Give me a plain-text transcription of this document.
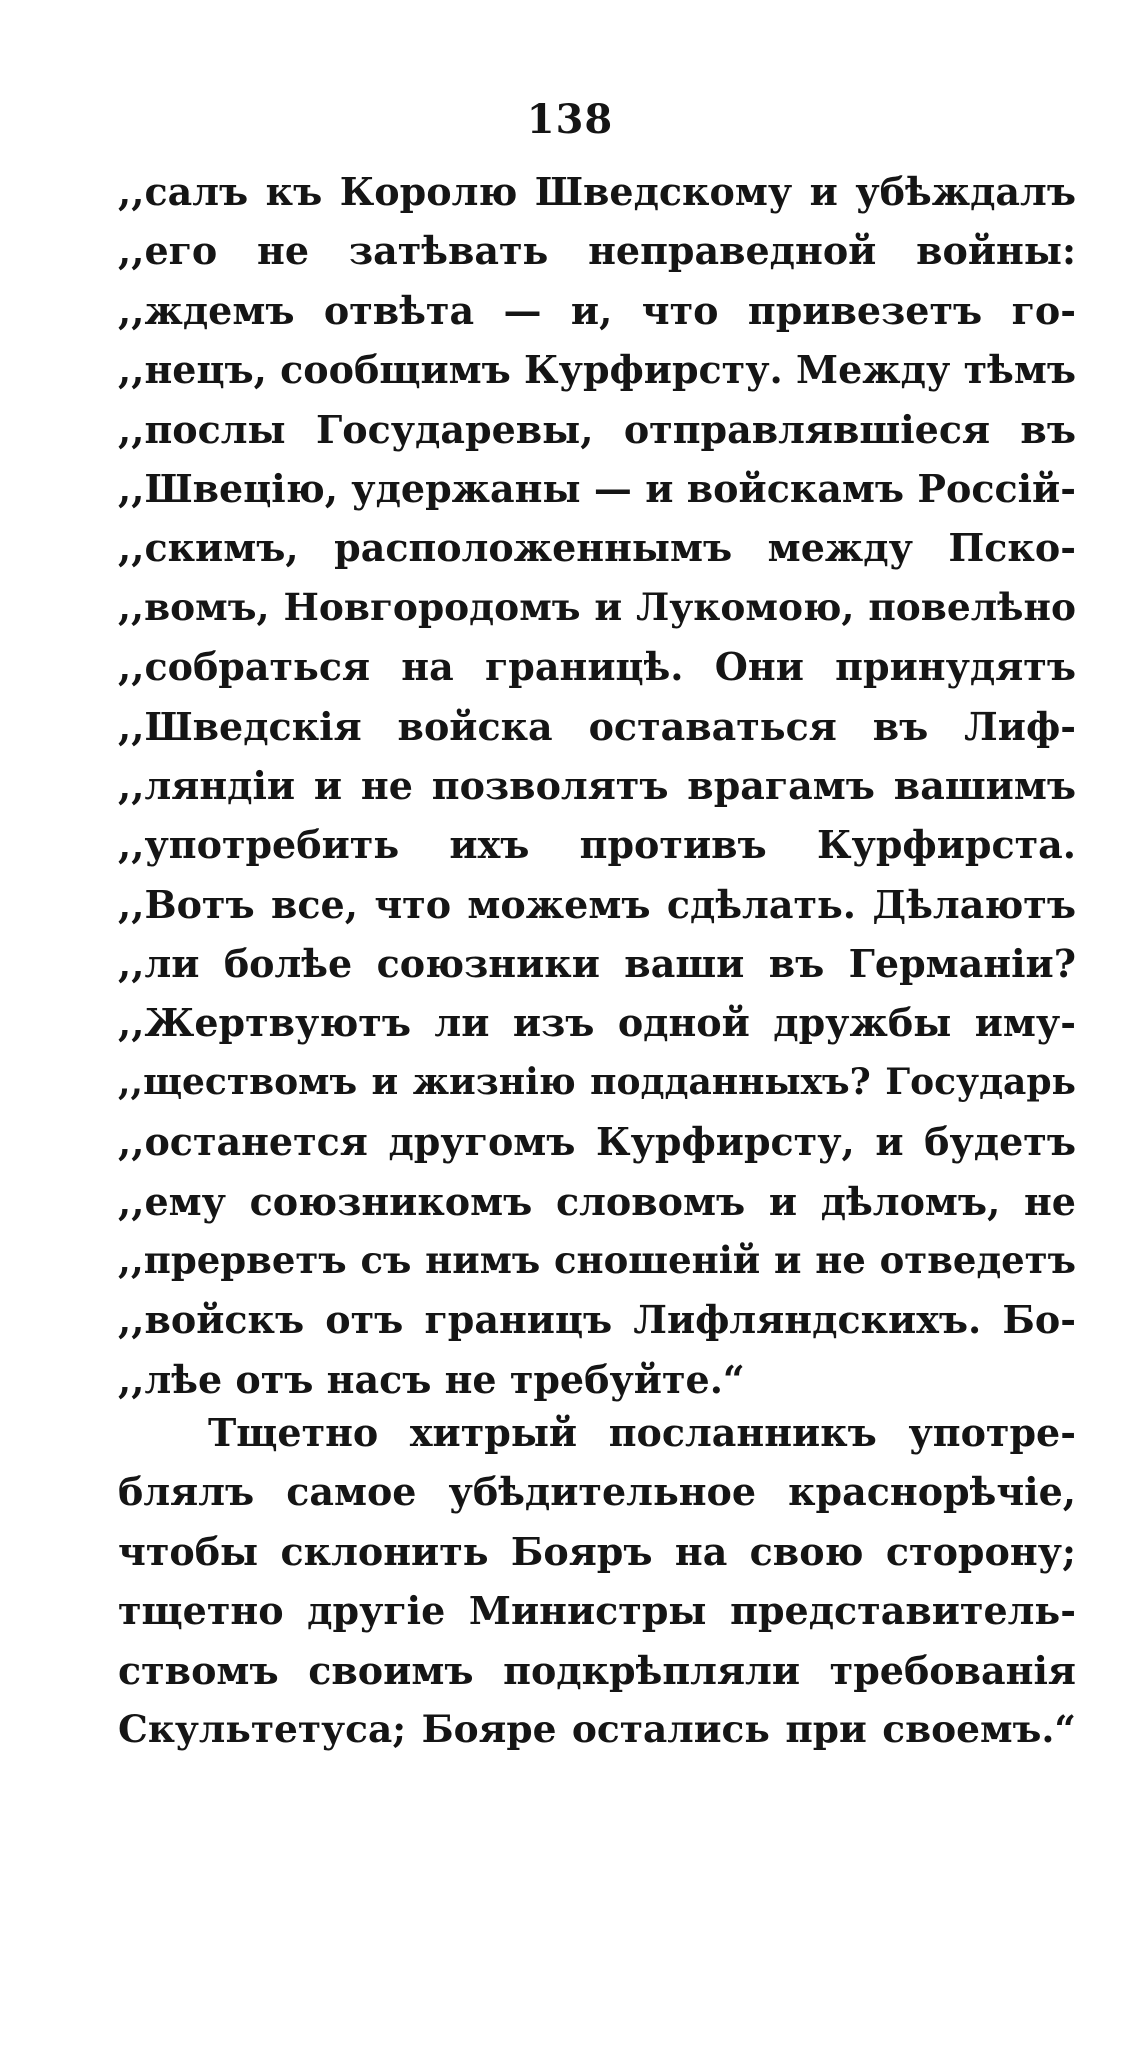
138
,,салъ къ Королю Шведскому и убѣждалъ
,,его не затѣвать неправедной войны:
,,ждемъ отвѣта — и, что привезетъ го-
,,нецъ, сообщимъ Курфирсту. Между тѣмъ
,,послы Государевы, отправлявшіеся въ
,,Швецію, удержаны — и войскамъ Россій-
,,скимъ, расположеннымъ между Пско-
,,вомъ, Новгородомъ и Лукомою, повелѣно
,,собраться на границѣ. Они принудятъ
,,Шведскія войска оставаться въ Лиф-
,,ляндіи и не позволятъ врагамъ вашимъ
,,употребить ихъ противъ Курфирста.
,,Вотъ все, что можемъ сдѣлать. Дѣлаютъ
,,ли болѣе союзники ваши въ Германіи?
,,Жертвуютъ ли изъ одной дружбы иму-
,,ществомъ и жизнію подданныхъ? Государь
,,останется другомъ Курфирсту, и будетъ
,,ему союзникомъ словомъ и дѣломъ, не
,,прерветъ съ нимъ сношеній и не отведетъ
,,войскъ отъ границъ Лифляндскихъ. Бо-
,,лѣе отъ насъ не требуйте.“
Тщетно хитрый посланникъ употре-
блялъ самое убѣдительное краснорѣчіе,
чтобы склонить Бояръ на свою сторону;
тщетно другіе Министры представитель-
ствомъ своимъ подкрѣпляли требованія
Скультетуса; Бояре остались при своемъ.“
